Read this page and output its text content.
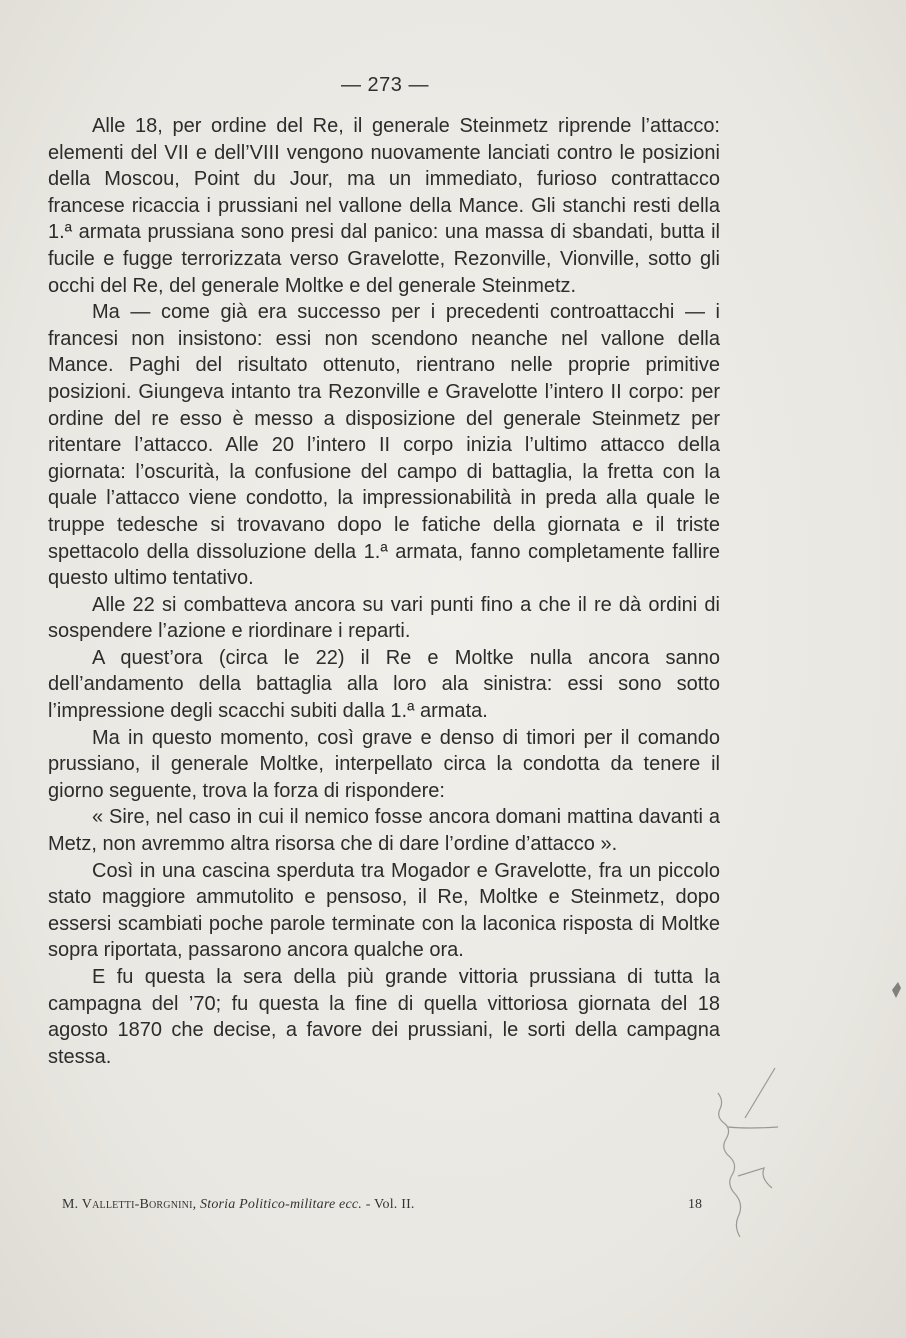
— 273 —

Alle 18, per ordine del Re, il generale Steinmetz riprende l’attacco: elementi del VII e dell’VIII vengono nuovamente lanciati contro le posizioni della Moscou, Point du Jour, ma un immediato, furioso contrattacco francese ricaccia i prussiani nel vallone della Mance. Gli stanchi resti della 1.ª armata prussiana sono presi dal panico: una massa di sbandati, butta il fucile e fugge terrorizzata verso Gravelotte, Rezonville, Vionville, sotto gli occhi del Re, del generale Moltke e del generale Steinmetz.

Ma — come già era successo per i precedenti controattacchi — i francesi non insistono: essi non scendono neanche nel vallone della Mance. Paghi del risultato ottenuto, rientrano nelle proprie primitive posizioni. Giungeva intanto tra Rezonville e Gravelotte l’intero II corpo: per ordine del re esso è messo a disposizione del generale Steinmetz per ritentare l’attacco. Alle 20 l’intero II corpo inizia l’ultimo attacco della giornata: l’oscurità, la confusione del campo di battaglia, la fretta con la quale l’attacco viene condotto, la impressionabilità in preda alla quale le truppe tedesche si trovavano dopo le fatiche della giornata e il triste spettacolo della dissoluzione della 1.ª armata, fanno completamente fallire questo ultimo tentativo.

Alle 22 si combatteva ancora su vari punti fino a che il re dà ordini di sospendere l’azione e riordinare i reparti.

A quest’ora (circa le 22) il Re e Moltke nulla ancora sanno dell’andamento della battaglia alla loro ala sinistra: essi sono sotto l’impressione degli scacchi subiti dalla 1.ª armata.

Ma in questo momento, così grave e denso di timori per il comando prussiano, il generale Moltke, interpellato circa la condotta da tenere il giorno seguente, trova la forza di rispondere:

« Sire, nel caso in cui il nemico fosse ancora domani mattina davanti a Metz, non avremmo altra risorsa che di dare l’ordine d’attacco ».

Così in una cascina sperduta tra Mogador e Gravelotte, fra un piccolo stato maggiore ammutolito e pensoso, il Re, Moltke e Steinmetz, dopo essersi scambiati poche parole terminate con la laconica risposta di Moltke sopra riportata, passarono ancora qualche ora.

E fu questa la sera della più grande vittoria prussiana di tutta la campagna del ’70; fu questa la fine di quella vittoriosa giornata del 18 agosto 1870 che decise, a favore dei prussiani, le sorti della campagna stessa.

M. Valletti-Borgnini, Storia Politico-militare ecc. - Vol. II.	18
